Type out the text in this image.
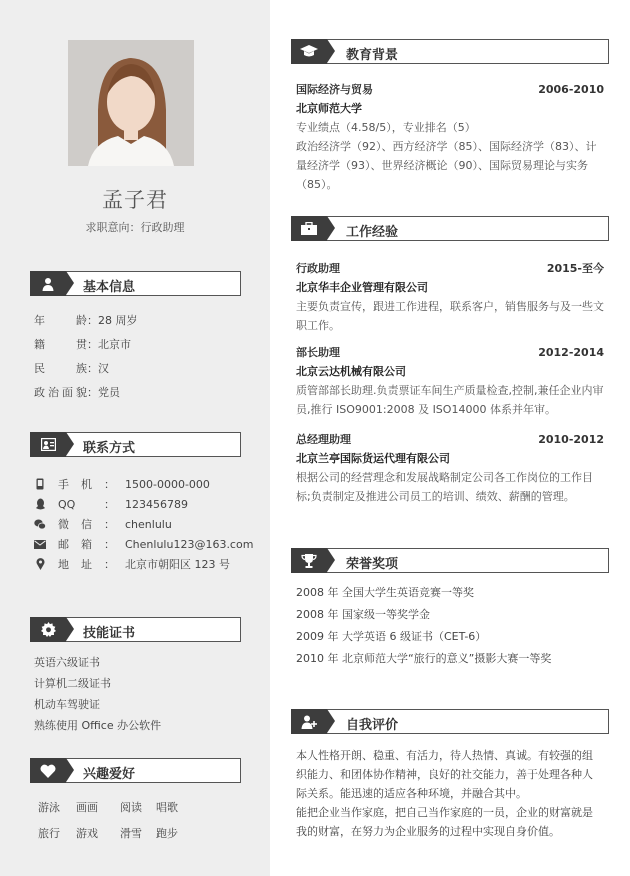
孟子君
求职意向：行政助理
基本信息
年龄 ： 28 周岁
籍贯 ： 北京市
民族 ： 汉
政治面貌 ： 党员
联系方式
手机 ： 1500-0000-000
QQ	： 123456789
微信 ： chenlulu
邮箱 ： Chenlulu123@163.com
地址 ： 北京市朝阳区 123 号
技能证书
英语六级证书
计算机二级证书
机动车驾驶证
熟练使用 Office 办公软件
兴趣爱好
游泳	画画	阅读	唱歌
旅行	游戏	滑雪	跑步
教育背景
国际经济与贸易	2006-2010
北京师范大学
专业绩点（4.58/5），专业排名（5）
政治经济学（92）、西方经济学（85）、国际经济学（83）、计量经济学（93）、世界经济概论（90）、国际贸易理论与实务（85）。
工作经验
行政助理	2015-至今
北京华丰企业管理有限公司
主要负责宣传，跟进工作进程，联系客户，销售服务与及一些文职工作。
部长助理	2012-2014
北京云达机械有限公司
质管部部长助理.负责票证车间生产质量检查,控制,兼任企业内审员,推行 ISO9001:2008 及 ISO14000 体系并年审。
总经理助理	2010-2012
北京兰亭国际货运代理有限公司
根据公司的经营理念和发展战略制定公司各工作岗位的工作目标;负责制定及推进公司员工的培训、绩效、薪酬的管理。
荣誉奖项
2008 年 全国大学生英语竞赛一等奖
2008 年 国家级一等奖学金
2009 年 大学英语 6 级证书（CET-6）
2010 年 北京师范大学“旅行的意义”摄影大赛一等奖
自我评价
本人性格开朗、稳重、有活力，待人热情、真诚。有较强的组织能力、和团体协作精神，良好的社交能力，善于处理各种人际关系。能迅速的适应各种环境，并融合其中。
能把企业当作家庭，把自己当作家庭的一员，企业的财富就是我的财富，在努力为企业服务的过程中实现自身价值。
